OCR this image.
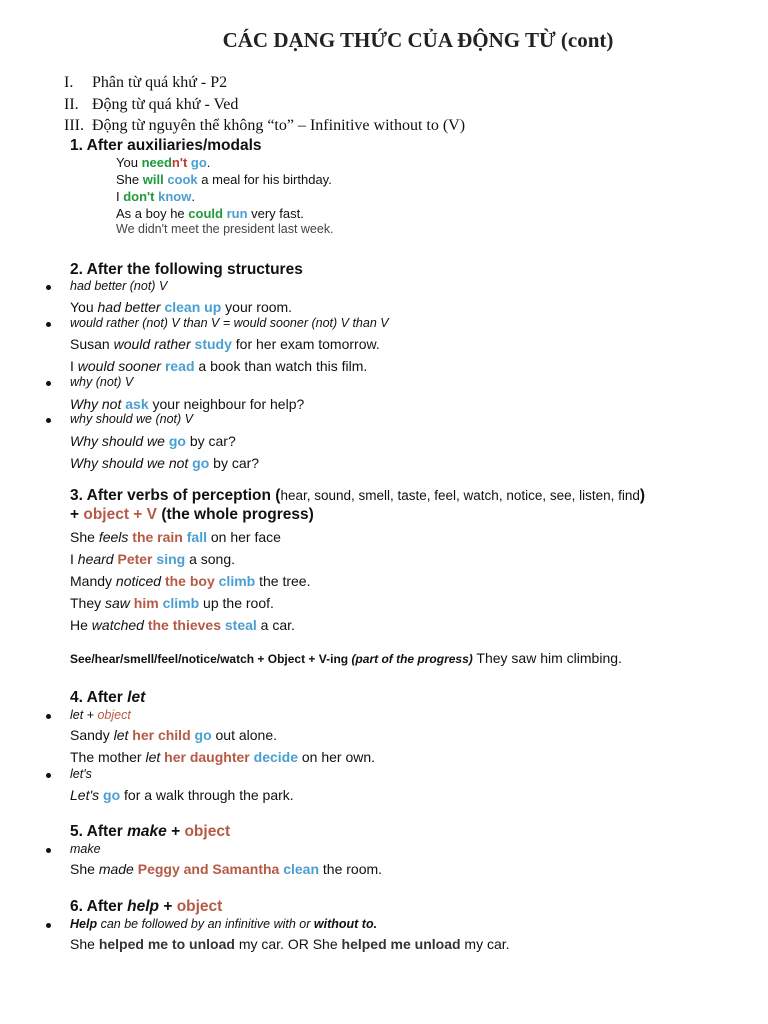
CÁC DẠNG THỨC CỦA ĐỘNG TỪ (cont)
I. Phân từ quá khứ - P2
II. Động từ quá khứ - Ved
III. Động từ nguyên thể không “to” – Infinitive without to (V)
1. After auxiliaries/modals
You needn't go.
She will cook a meal for his birthday.
I don't know.
As a boy he could run very fast.
We didn't meet the president last week.
2. After the following structures
had better (not) V
You had better clean up your room.
would rather (not) V than V = would sooner (not) V than V
Susan would rather study for her exam tomorrow.
I would sooner read a book than watch this film.
why (not) V
Why not ask your neighbour for help?
why should we (not) V
Why should we go by car?
Why should we not go by car?
3. After verbs of perception (hear, sound, smell, taste, feel, watch, notice, see, listen, find)
+ object + V (the whole progress)
She feels the rain fall on her face
I heard Peter sing a song.
Mandy noticed the boy climb the tree.
They saw him climb up the roof.
He watched the thieves steal a car.
See/hear/smell/feel/notice/watch + Object + V-ing (part of the progress) They saw him climbing.
4. After let
let + object
Sandy let her child go out alone.
The mother let her daughter decide on her own.
let's
Let's go for a walk through the park.
5. After make + object
make
She made Peggy and Samantha clean the room.
6. After help + object
Help can be followed by an infinitive with or without to.
She helped me to unload my car. OR She helped me unload my car.
